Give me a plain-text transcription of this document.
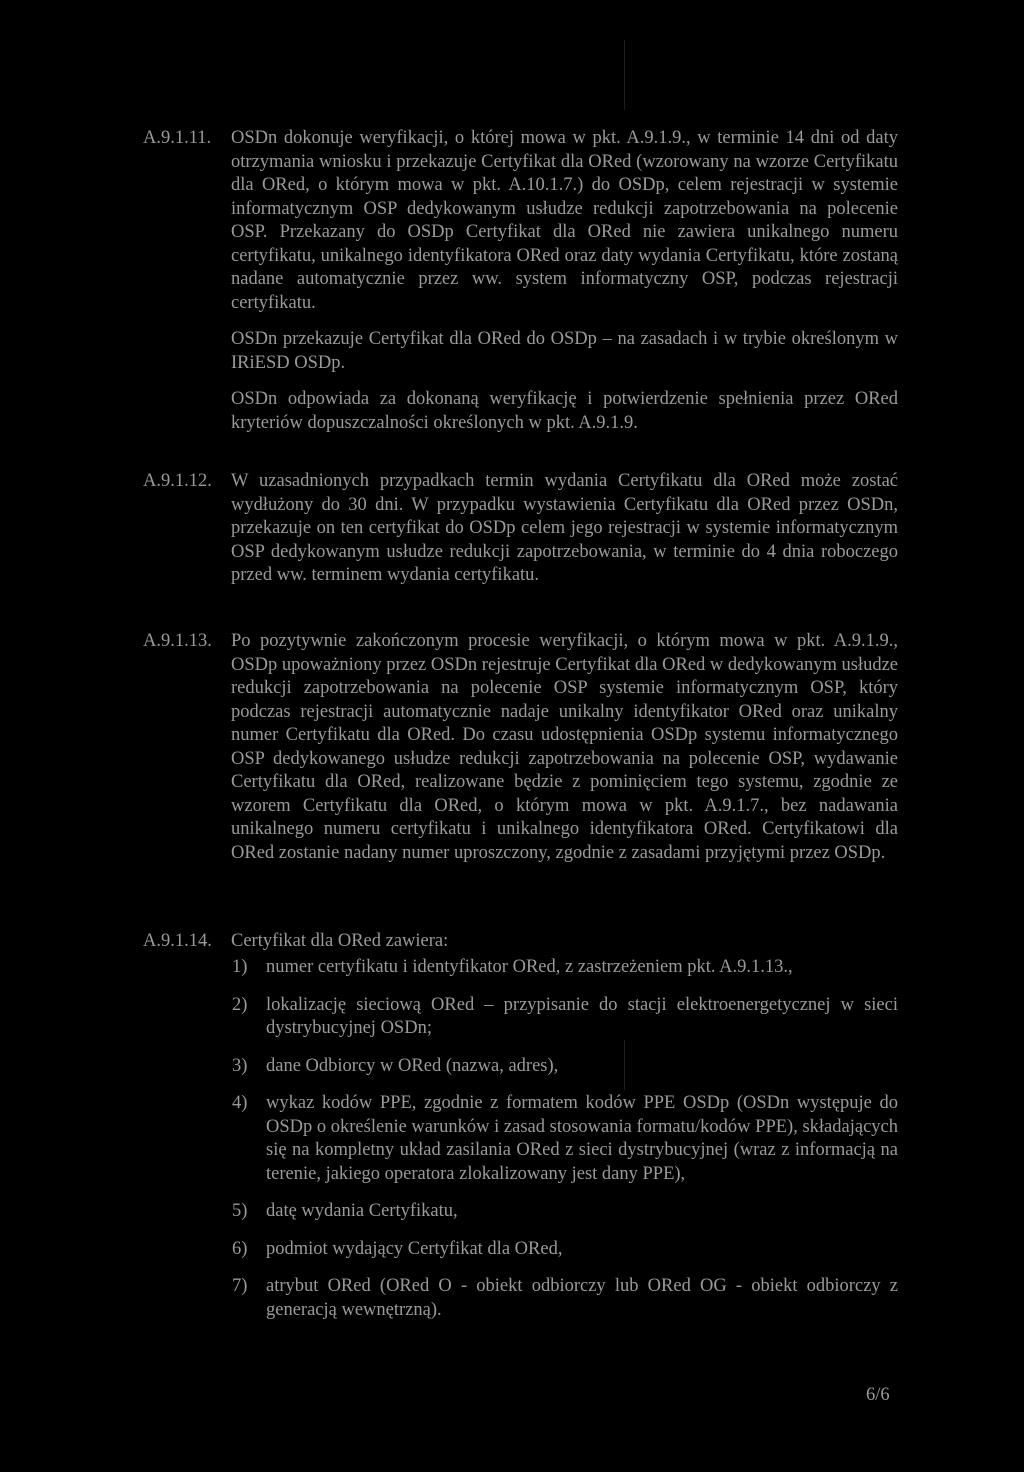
A.9.1.11.	OSDn dokonuje weryfikacji, o której mowa w pkt. A.9.1.9., w terminie 14 dni od daty otrzymania wniosku i przekazuje Certyfikat dla ORed (wzorowany na wzorze Certyfikatu dla ORed, o którym mowa w pkt. A.10.1.7.) do OSDp, celem rejestracji w systemie informatycznym OSP dedykowanym usłudze redukcji zapotrzebowania na polecenie OSP. Przekazany do OSDp Certyfikat dla ORed nie zawiera unikalnego numeru certyfikatu, unikalnego identyfikatora ORed oraz daty wydania Certyfikatu, które zostaną nadane automatycznie przez ww. system informatyczny OSP, podczas rejestracji certyfikatu.

OSDn przekazuje Certyfikat dla ORed do OSDp – na zasadach i w trybie określonym w IRiESD OSDp.

OSDn odpowiada za dokonaną weryfikację i potwierdzenie spełnienia przez ORed kryteriów dopuszczalności określonych w pkt. A.9.1.9.

A.9.1.12.	W uzasadnionych przypadkach termin wydania Certyfikatu dla ORed może zostać wydłużony do 30 dni. W przypadku wystawienia Certyfikatu dla ORed przez OSDn, przekazuje on ten certyfikat do OSDp celem jego rejestracji w systemie informatycznym OSP dedykowanym usłudze redukcji zapotrzebowania, w terminie do 4 dnia roboczego przed ww. terminem wydania certyfikatu.

A.9.1.13.	Po pozytywnie zakończonym procesie weryfikacji, o którym mowa w pkt. A.9.1.9., OSDp upoważniony przez OSDn rejestruje Certyfikat dla ORed w dedykowanym usłudze redukcji zapotrzebowania na polecenie OSP systemie informatycznym OSP, który podczas rejestracji automatycznie nadaje unikalny identyfikator ORed oraz unikalny numer Certyfikatu dla ORed. Do czasu udostępnienia OSDp systemu informatycznego OSP dedykowanego usłudze redukcji zapotrzebowania na polecenie OSP, wydawanie Certyfikatu dla ORed, realizowane będzie z pominięciem tego systemu, zgodnie ze wzorem Certyfikatu dla ORed, o którym mowa w pkt. A.9.1.7., bez nadawania unikalnego numeru certyfikatu i unikalnego identyfikatora ORed. Certyfikatowi dla ORed zostanie nadany numer uproszczony, zgodnie z zasadami przyjętymi przez OSDp.

A.9.1.14.	Certyfikat dla ORed zawiera:

1) numer certyfikatu i identyfikator ORed, z zastrzeżeniem pkt. A.9.1.13.,
2) lokalizację sieciową ORed – przypisanie do stacji elektroenergetycznej w sieci dystrybucyjnej OSDn;
3) dane Odbiorcy w ORed (nazwa, adres),
4) wykaz kodów PPE, zgodnie z formatem kodów PPE OSDp (OSDn występuje do OSDp o określenie warunków i zasad stosowania formatu/kodów PPE), składających się na kompletny układ zasilania ORed z sieci dystrybucyjnej (wraz z informacją na terenie, jakiego operatora zlokalizowany jest dany PPE),
5) datę wydania Certyfikatu,
6) podmiot wydający Certyfikat dla ORed,
7) atrybut ORed (ORed O - obiekt odbiorczy lub ORed OG - obiekt odbiorczy z generacją wewnętrzną).
6/6
